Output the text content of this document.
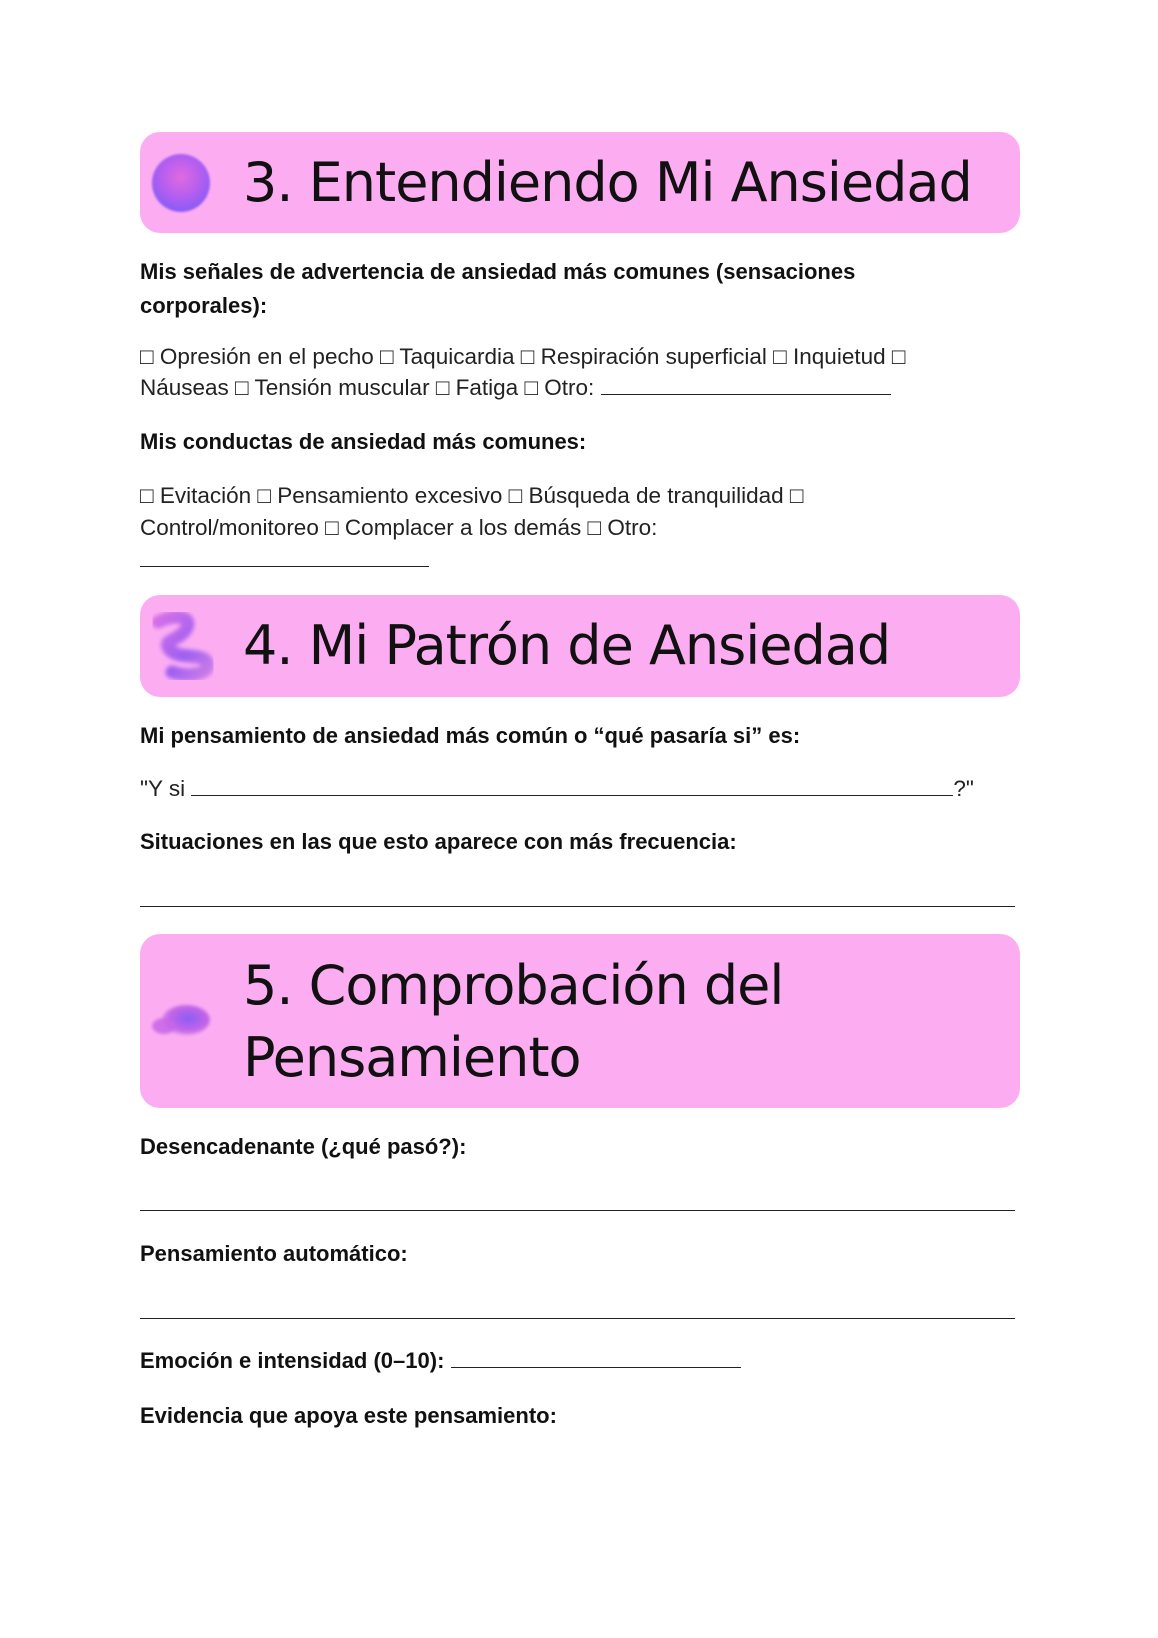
3. Entendiendo Mi Ansiedad
Mis señales de advertencia de ansiedad más comunes (sensaciones corporales):
□ Opresión en el pecho □ Taquicardia □ Respiración superficial □ Inquietud □
Náuseas □ Tensión muscular □ Fatiga □ Otro:
Mis conductas de ansiedad más comunes:
□ Evitación □ Pensamiento excesivo □ Búsqueda de tranquilidad □
Control/monitoreo □ Complacer a los demás □ Otro:
4. Mi Patrón de Ansiedad
Mi pensamiento de ansiedad más común o “qué pasaría si” es:
"Y si	?"
Situaciones en las que esto aparece con más frecuencia:
5. Comprobación del
Pensamiento
Desencadenante (¿qué pasó?):
Pensamiento automático:
Emoción e intensidad (0–10):
Evidencia que apoya este pensamiento:
